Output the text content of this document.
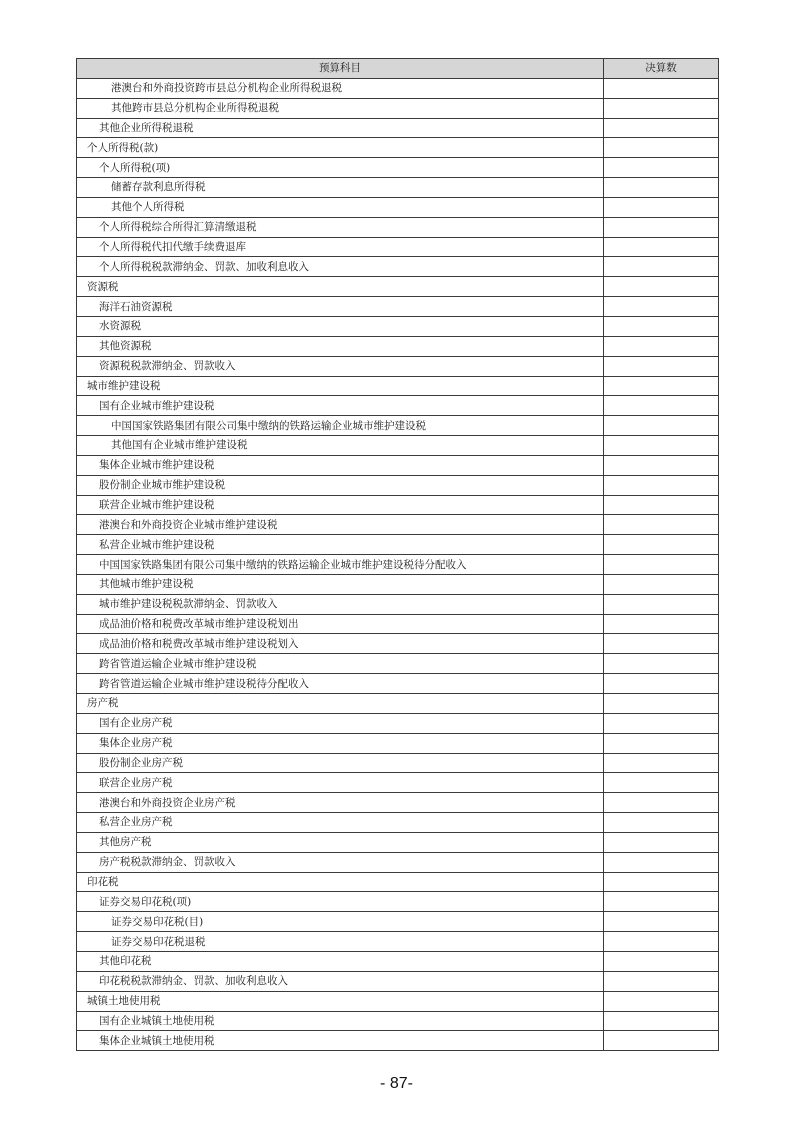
预算科目	决算数
港澳台和外商投资跨市县总分机构企业所得税退税	
其他跨市县总分机构企业所得税退税	
其他企业所得税退税	
个人所得税(款)	
个人所得税(项)	
储蓄存款利息所得税	
其他个人所得税	
个人所得税综合所得汇算清缴退税	
个人所得税代扣代缴手续费退库	
个人所得税税款滞纳金、罚款、加收利息收入	
资源税	
海洋石油资源税	
水资源税	
其他资源税	
资源税税款滞纳金、罚款收入	
城市维护建设税	
国有企业城市维护建设税	
中国国家铁路集团有限公司集中缴纳的铁路运输企业城市维护建设税	
其他国有企业城市维护建设税	
集体企业城市维护建设税	
股份制企业城市维护建设税	
联营企业城市维护建设税	
港澳台和外商投资企业城市维护建设税	
私营企业城市维护建设税	
中国国家铁路集团有限公司集中缴纳的铁路运输企业城市维护建设税待分配收入	
其他城市维护建设税	
城市维护建设税税款滞纳金、罚款收入	
成品油价格和税费改革城市维护建设税划出	
成品油价格和税费改革城市维护建设税划入	
跨省管道运输企业城市维护建设税	
跨省管道运输企业城市维护建设税待分配收入	
房产税	
国有企业房产税	
集体企业房产税	
股份制企业房产税	
联营企业房产税	
港澳台和外商投资企业房产税	
私营企业房产税	
其他房产税	
房产税税款滞纳金、罚款收入	
印花税	
证券交易印花税(项)	
证券交易印花税(目)	
证券交易印花税退税	
其他印花税	
印花税税款滞纳金、罚款、加收利息收入	
城镇土地使用税	
国有企业城镇土地使用税	
集体企业城镇土地使用税	
- 87-
